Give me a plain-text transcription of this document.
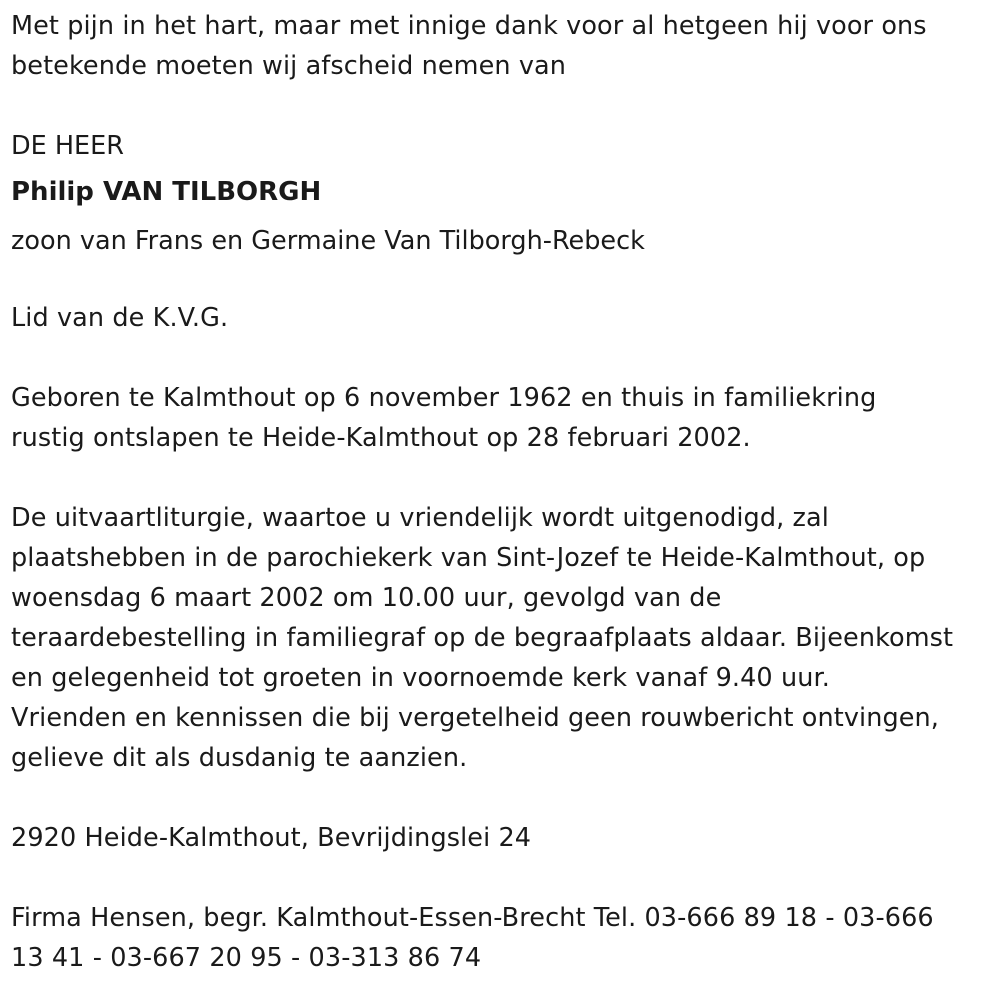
Met pijn in het hart, maar met innige dank voor al hetgeen hij voor ons
betekende moeten wij afscheid nemen van

DE HEER

Philip VAN TILBORGH

zoon van Frans en Germaine Van Tilborgh-Rebeck

Lid van de K.V.G.

Geboren te Kalmthout op 6 november 1962 en thuis in familiekring
rustig ontslapen te Heide-Kalmthout op 28 februari 2002.

De uitvaartliturgie, waartoe u vriendelijk wordt uitgenodigd, zal
plaatshebben in de parochiekerk van Sint-Jozef te Heide-Kalmthout, op
woensdag 6 maart 2002 om 10.00 uur, gevolgd van de
teraardebestelling in familiegraf op de begraafplaats aldaar. Bijeenkomst
en gelegenheid tot groeten in voornoemde kerk vanaf 9.40 uur.
Vrienden en kennissen die bij vergetelheid geen rouwbericht ontvingen,
gelieve dit als dusdanig te aanzien.

2920 Heide-Kalmthout, Bevrijdingslei 24

Firma Hensen, begr. Kalmthout-Essen-Brecht Tel. 03-666 89 18 - 03-666
13 41 - 03-667 20 95 - 03-313 86 74
